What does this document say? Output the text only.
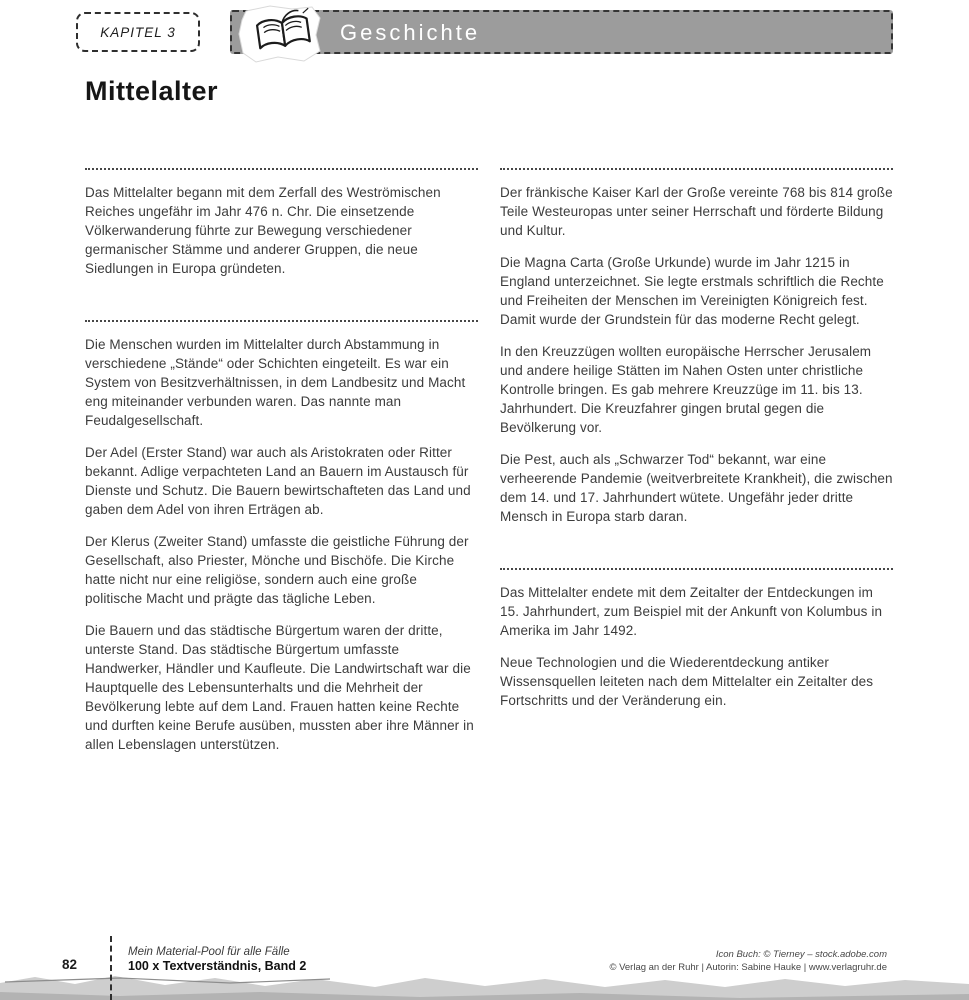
KAPITEL 3	Geschichte
Mittelalter

Das Mittelalter begann mit dem Zerfall des Weströmischen Reiches ungefähr im Jahr 476 n. Chr. Die einsetzende Völkerwanderung führte zur Bewegung verschiedener germanischer Stämme und anderer Gruppen, die neue Siedlungen in Europa gründeten.

Die Menschen wurden im Mittelalter durch Abstammung in verschiedene „Stände“ oder Schichten eingeteilt. Es war ein System von Besitzverhältnissen, in dem Landbesitz und Macht eng miteinander verbunden waren. Das nannte man Feudalgesellschaft.

Der Adel (Erster Stand) war auch als Aristokraten oder Ritter bekannt. Adlige verpachteten Land an Bauern im Austausch für Dienste und Schutz. Die Bauern bewirtschafteten das Land und gaben dem Adel von ihren Erträgen ab.

Der Klerus (Zweiter Stand) umfasste die geistliche Führung der Gesellschaft, also Priester, Mönche und Bischöfe. Die Kirche hatte nicht nur eine religiöse, sondern auch eine große politische Macht und prägte das tägliche Leben.

Die Bauern und das städtische Bürgertum waren der dritte, unterste Stand. Das städtische Bürgertum umfasste Handwerker, Händler und Kaufleute. Die Landwirtschaft war die Hauptquelle des Lebensunterhalts und die Mehrheit der Bevölkerung lebte auf dem Land. Frauen hatten keine Rechte und durften keine Berufe ausüben, mussten aber ihre Männer in allen Lebenslagen unterstützen.

Der fränkische Kaiser Karl der Große vereinte 768 bis 814 große Teile Westeuropas unter seiner Herrschaft und förderte Bildung und Kultur.

Die Magna Carta (Große Urkunde) wurde im Jahr 1215 in England unterzeichnet. Sie legte erstmals schriftlich die Rechte und Freiheiten der Menschen im Vereinigten Königreich fest. Damit wurde der Grundstein für das moderne Recht gelegt.

In den Kreuzzügen wollten europäische Herrscher Jerusalem und andere heilige Stätten im Nahen Osten unter christliche Kontrolle bringen. Es gab mehrere Kreuzzüge im 11. bis 13. Jahrhundert. Die Kreuzfahrer gingen brutal gegen die Bevölkerung vor.

Die Pest, auch als „Schwarzer Tod“ bekannt, war eine verheerende Pandemie (weitverbreitete Krankheit), die zwischen dem 14. und 17. Jahrhundert wütete. Ungefähr jeder dritte Mensch in Europa starb daran.

Das Mittelalter endete mit dem Zeitalter der Entdeckungen im 15. Jahrhundert, zum Beispiel mit der Ankunft von Kolumbus in Amerika im Jahr 1492.

Neue Technologien und die Wiederentdeckung antiker Wissensquellen leiteten nach dem Mittelalter ein Zeitalter des Fortschritts und der Veränderung ein.

82
Mein Material-Pool für alle Fälle
100 x Textverständnis, Band 2
Icon Buch: © Tierney – stock.adobe.com
© Verlag an der Ruhr | Autorin: Sabine Hauke | www.verlagruhr.de
